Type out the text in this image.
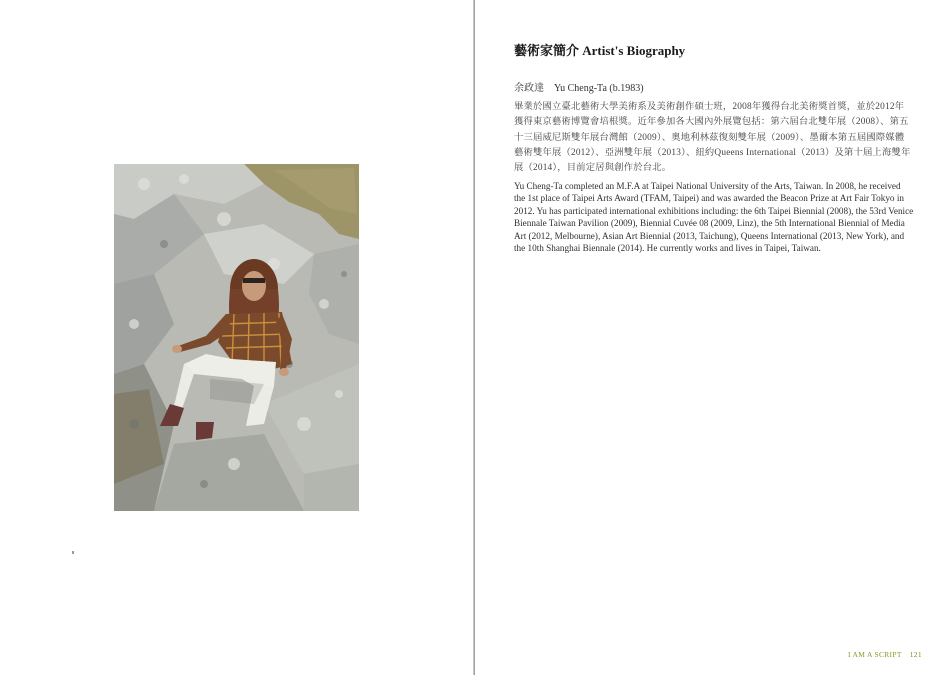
藝術家簡介 Artist's Biography
余政達　Yu Cheng-Ta (b.1983)

畢業於國立臺北藝術大學美術系及美術創作碩士班，2008年獲得台北美術獎首獎，並於2012年獲得東京藝術博覽會培根獎。近年參加各大國內外展覽包括：第六屆台北雙年展（2008）、第五十三屆威尼斯雙年展台灣館（2009）、奧地利林茲復刻雙年展（2009）、墨爾本第五屆國際媒體藝術雙年展（2012）、亞洲雙年展（2013）、紐約Queens International（2013）及第十屆上海雙年展（2014），目前定居與創作於台北。

Yu Cheng-Ta completed an M.F.A at Taipei National University of the Arts, Taiwan. In 2008, he received the 1st place of Taipei Arts Award (TFAM, Taipei) and was awarded the Beacon Prize at Art Fair Tokyo in 2012. Yu has participated international exhibitions including: the 6th Taipei Biennial (2008), the 53rd Venice Biennale Taiwan Pavilion (2009), Biennial Cuvée 08 (2009, Linz), the 5th International Biennial of Media Art (2012, Melbourne), Asian Art Biennial (2013, Taichung), Queens International (2013, New York), and the 10th Shanghai Biennale (2014). He currently works and lives in Taipei, Taiwan.

I AM A SCRIPT 121
